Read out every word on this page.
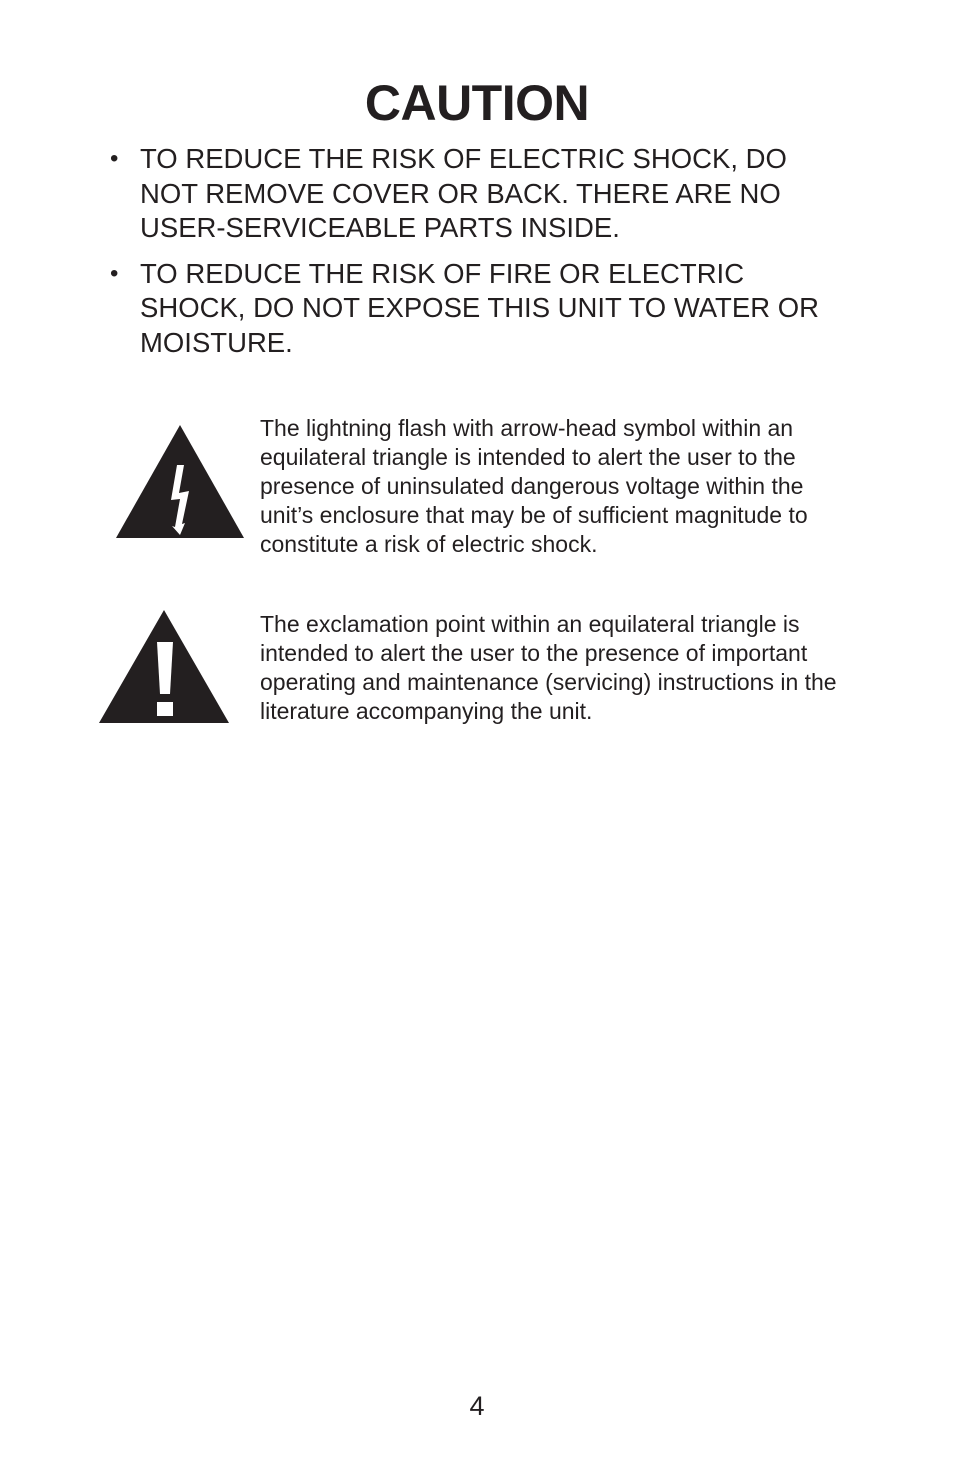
CAUTION
• TO REDUCE THE RISK OF ELECTRIC SHOCK, DO NOT REMOVE COVER OR BACK. THERE ARE NO USER-SERVICEABLE PARTS INSIDE.
• TO REDUCE THE RISK OF FIRE OR ELECTRIC SHOCK, DO NOT EXPOSE THIS UNIT TO WATER OR MOISTURE.

The lightning flash with arrow-head symbol within an equilateral triangle is intended to alert the user to the presence of uninsulated dangerous voltage within the unit’s enclosure that may be of sufficient magnitude to constitute a risk of electric shock.

The exclamation point within an equilateral triangle is intended to alert the user to the presence of important operating and maintenance (servicing) instructions in the literature accompanying the unit.

4
